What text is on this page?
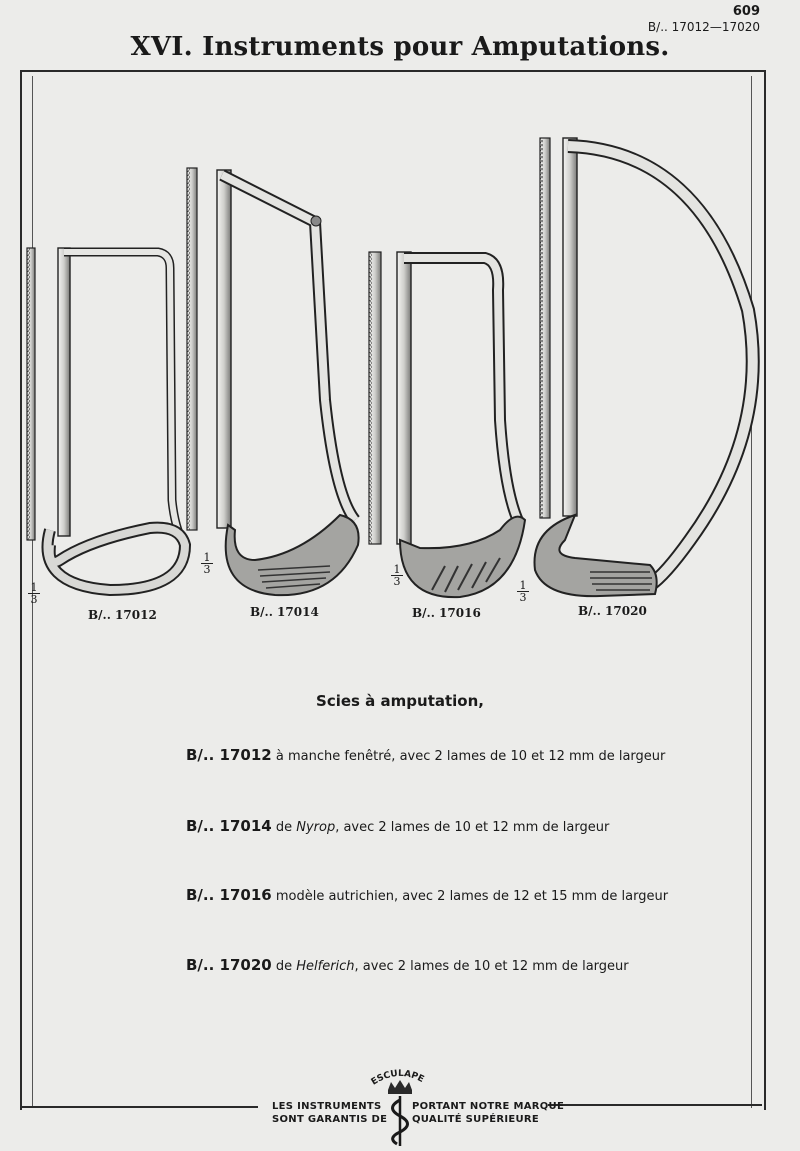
609
B/.. 17012—17020
XVI. Instruments pour Amputations.
1
3
1
3	1
3	1
3
B/.. 17012	B/.. 17014	B/.. 17016	B/.. 17020
Scies à amputation,
B/.. 17012 à manche fenêtré, avec 2 lames de 10 et 12 mm de largeur
B/.. 17014 de Nyrop, avec 2 lames de 10 et 12 mm de largeur
B/.. 17016 modèle autrichien, avec 2 lames de 12 et 15 mm de largeur
B/.. 17020 de Helferich, avec 2 lames de 10 et 12 mm de largeur
LES INSTRUMENTS
SONT GARANTIS DE
PORTANT NOTRE MARQUE
QUALITÉ SUPÉRIEURE
ESCULAPE
